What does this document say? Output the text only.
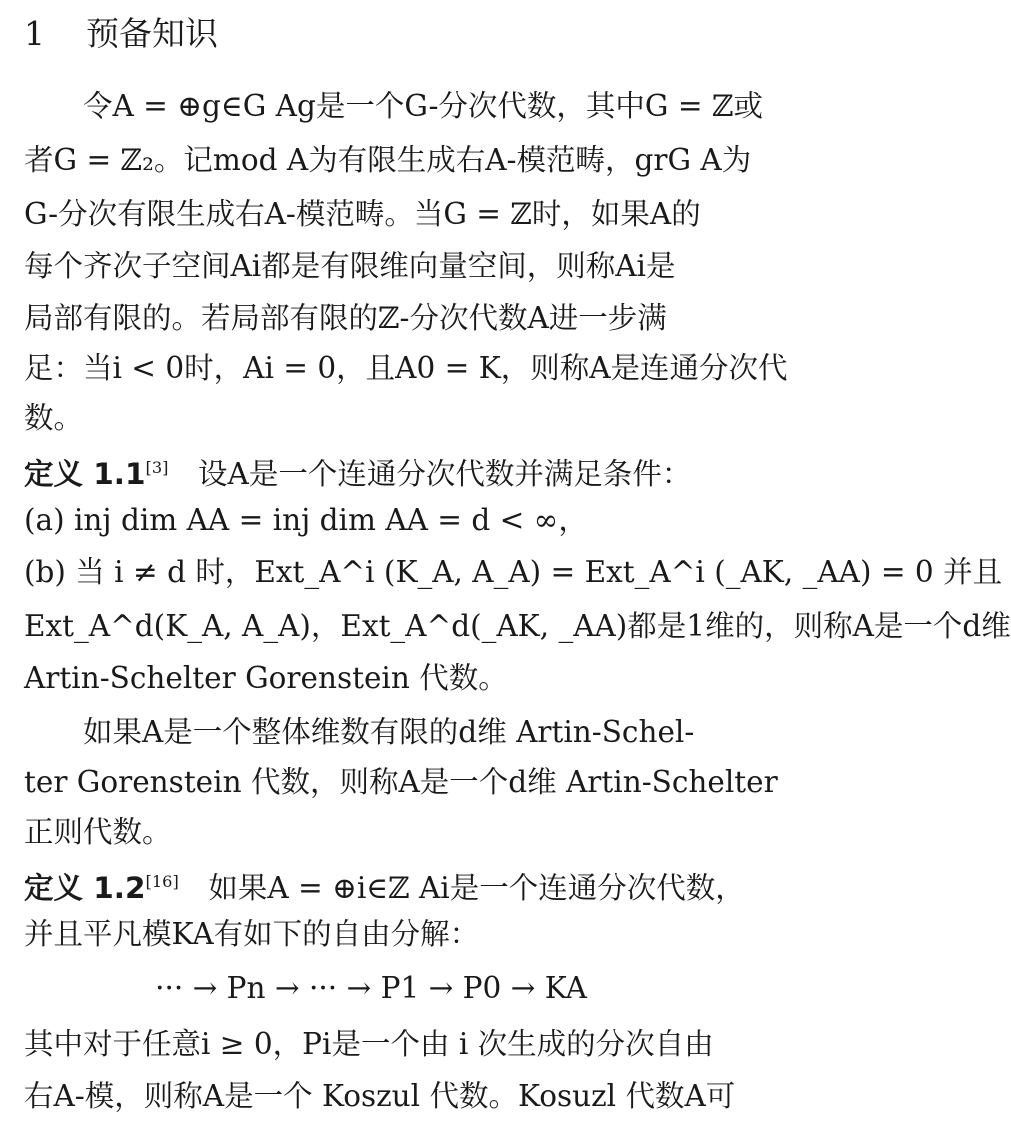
1 预备知识
　　令A = ⊕g∈G Ag是一个G-分次代数，其中G = ℤ或
者G = ℤ₂。记mod A为有限生成右A-模范畴，grG A为
G-分次有限生成右A-模范畴。当G = ℤ时，如果A的
每个齐次子空间Ai都是有限维向量空间，则称Ai是
局部有限的。若局部有限的ℤ-分次代数A进一步满
足：当i < 0时，Ai = 0，且A0 = K，则称A是连通分次代
数。
定义 1.1[3]　设A是一个连通分次代数并满足条件：
(a) inj dim AA = inj dim AA = d < ∞，
(b) 当 i ≠ d 时，Ext_A^i (K_A, A_A) = Ext_A^i (_AK, _AA) = 0 并且
Ext_A^d(K_A, A_A)，Ext_A^d(_AK, _AA)都是1维的，则称A是一个d维
Artin-Schelter Gorenstein 代数。
　　如果A是一个整体维数有限的d维 Artin-Schel-
ter Gorenstein 代数，则称A是一个d维 Artin-Schelter
正则代数。
定义 1.2[16]　如果A = ⊕i∈ℤ Ai是一个连通分次代数，
并且平凡模KA有如下的自由分解：
··· → Pn → ··· → P1 → P0 → KA
其中对于任意i ≥ 0，Pi是一个由 i 次生成的分次自由
右A-模，则称A是一个 Koszul 代数。Kosuzl 代数A可
